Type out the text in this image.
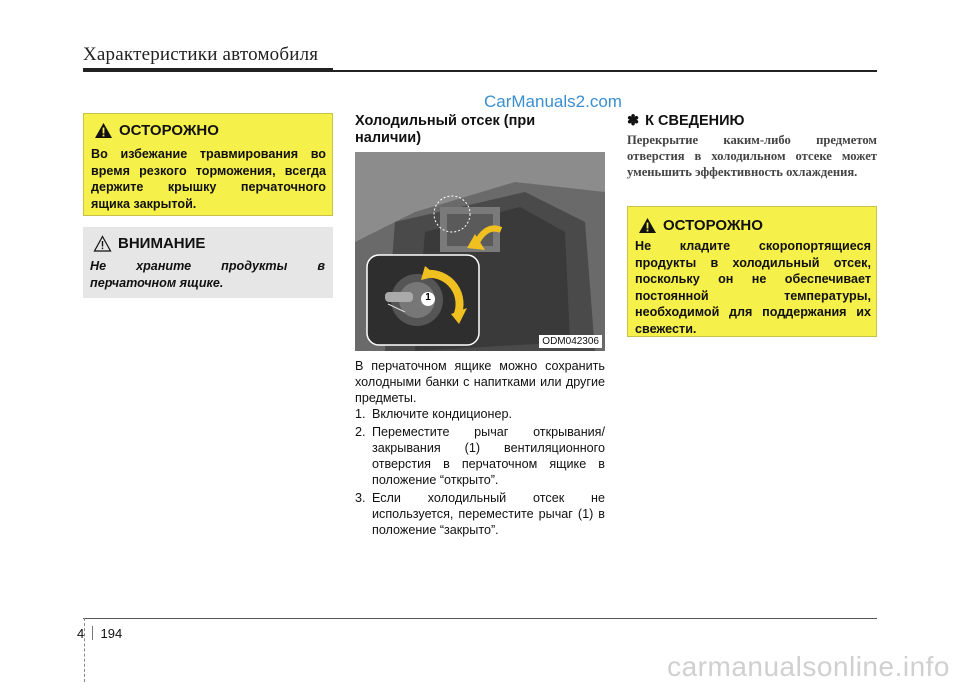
Характеристики автомобиля
CarManuals2.com
ОСТОРОЖНО
Во избежание травмирования во время резкого торможения, всегда держите крышку перчаточного ящика закрытой.
ВНИМАНИЕ
Не храните продукты в перчаточном ящике.
Холодильный отсек (при наличии)
1
ODM042306
В перчаточном ящике можно сохранить холодными банки с напитками или другие предметы.
1. Включите кондиционер.
2. Переместите рычаг открывания/закрывания (1) вентиляционного отверстия в перчаточном ящике в положение “открыто”.
3. Если холодильный отсек не используется, переместите рычаг (1) в положение “закрыто”.
✽ К СВЕДЕНИЮ
Перекрытие каким-либо предметом отверстия в холодильном отсеке может уменьшить эффективность охлаждения.
ОСТОРОЖНО
Не кладите скоропортящиеся продукты в холодильный отсек, поскольку он не обеспечивает постоянной температуры, необходимой для поддержания их свежести.
4 194
carmanualsonline.info
